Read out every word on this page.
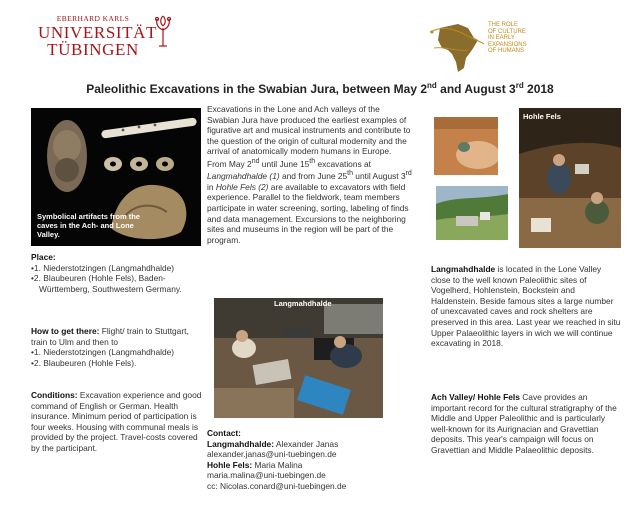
EBERHARD KARLS
UNIVERSITÄT
TÜBINGEN
THE ROLE
OF CULTURE
IN EARLY
EXPANSIONS
OF HUMANS
Paleolithic Excavations in the Swabian Jura, between May 2nd and August 3rd 2018
Symbolical artifacts from the caves in the Ach- and Lone Valley.
Place:
•1. Niederstotzingen (Langmahdhalde)
•2. Blaubeuren (Hohle Fels), Baden-Württemberg, Southwestern Germany.
How to get there: Flight/ train to Stuttgart, train to Ulm and then to
•1. Niederstotzingen (Langmahdhalde)
•2. Blaubeuren (Hohle Fels).
Conditions: Excavation experience and good command of English or German. Health insurance. Minimum period of participation is four weeks. Housing with communal meals is provided by the project. Travel-costs covered by the participant.
Excavations in the Lone and Ach valleys of the Swabian Jura have produced the earliest examples of figurative art and musical instruments and contribute to the question of the origin of cultural modernity and the arrival of anatomically modern humans in Europe. From May 2nd until June 15th excavations at Langmahdhalde (1) and from June 25th until August 3rd in Hohle Fels (2) are available to excavators with field experience. Parallel to the fieldwork, team members participate in water screening, sorting, labeling of finds and data management. Excursions to the neighboring sites and museums in the region will be part of the program.
Langmahdhalde
Contact:
Langmahdhalde: Alexander Janas
alexander.janas@uni-tuebingen.de
Hohle Fels: Maria Malina
maria.malina@uni-tuebingen.de
cc: Nicolas.conard@uni-tuebingen.de
Hohle Fels
Langmahdhalde is located in the Lone Valley close to the well known Paleolithic sites of Vogelherd, Hohlenstein, Bockstein and Haldenstein. Beside famous sites a large number of unexcavated caves and rock shelters are preserved in this area. Last year we reached in situ Upper Palaeolithic layers in wich we will continue excavating in 2018.
Ach Valley/ Hohle Fels Cave provides an important record for the cultural stratigraphy of the Middle and Upper Paleolithic and is particularly well-known for its Aurignacian and Gravettian deposits. This year's campaign will focus on Gravettian and Middle Palaeolithic deposits.
